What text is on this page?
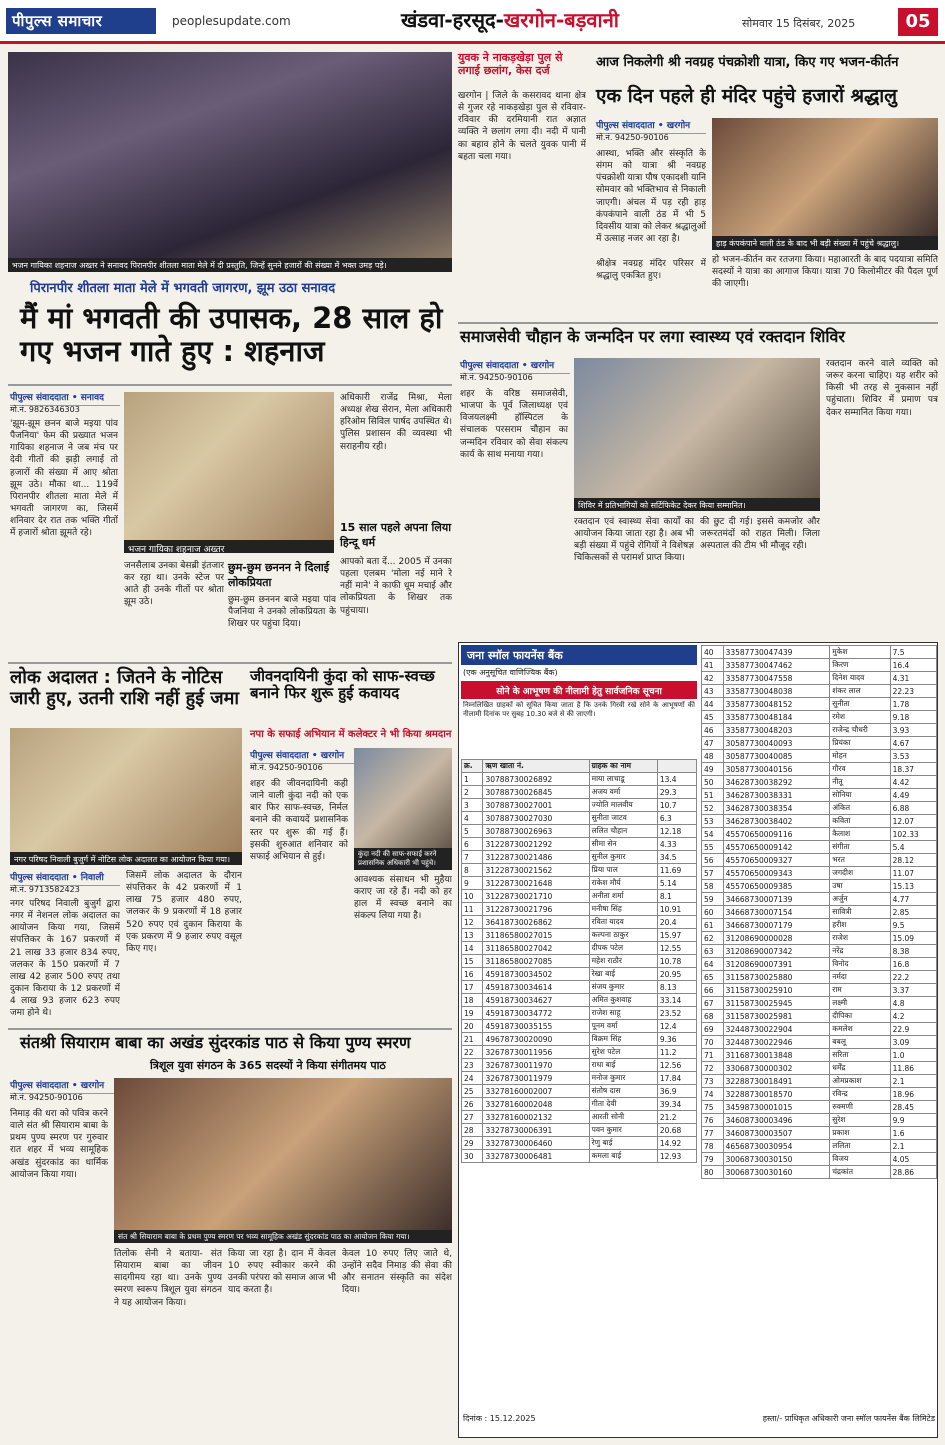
पीपुल्स समाचार	peoplesupdate.com	खंडवा-हरसूद-खरगोन-बड़वानी	सोमवार 15 दिसंबर, 2025	05
भजन गायिका शहनाज अख्तर ने सनावद पिरानपीर शीतला माता मेले में दी प्रस्तुति, जिन्हें सुनने हजारों की संख्या में भक्त उमड़ पड़े।
पिरानपीर शीतला माता मेले में भगवती जागरण, झूम उठा सनावद
मैं मां भगवती की उपासक, 28 साल हो गए भजन गाते हुए : शहनाज
पीपुल्स संवाददाता • सनावद
मो.नं. 9826346303
'झूम-झूम छनन बाजे मइया पांव पैजनिया' फेम की प्रख्यात भजन गायिका शहनाज ने जब मंच पर देवी गीतों की झड़ी लगाई तो हजारों की संख्या में आए श्रोता झूम उठे। मौका था... 119वें पिरानपीर शीतला माता मेले में भगवती जागरण का, जिसमें शनिवार देर रात तक भक्ति गीतों में हजारों श्रोता झूमते रहे।
भजन गायिका शहनाज अख्तर
छुम-छुम छननन ने दिलाई लोकप्रियता
जनसैलाब उनका बेसब्री इंतजार कर रहा था। उनके स्टेज पर आते ही उनके गीतों पर श्रोता झूम उठे।	छुम-छुम छननन बाजे मइया पांव पैजनिया ने उनको लोकप्रियता के शिखर पर पहुंचा दिया।
अधिकारी राजेंद्र मिश्रा, मेला अध्यक्ष शेख सेरान, मेला अधिकारी हरिओम सिविल पार्षद उपस्थित थे। पुलिस प्रशासन की व्यवस्था भी सराहनीय रही।
15 साल पहले अपना लिया हिन्दू धर्म
आपको बता दें... 2005 में उनका पहला एलबम 'मोला नई माने रे नहीं माने' ने काफी धूम मचाई और लोकप्रियता के शिखर तक पहुंचाया।
युवक ने नाकड़खेड़ा पुल से लगाई छलांग, केस दर्ज
खरगोन | जिले के कसरावद थाना क्षेत्र से गुजर रहे नाकड़खेड़ा पुल से रविवार-रविवार की दरमियानी रात अज्ञात व्यक्ति ने छलांग लगा दी। नदी में पानी का बहाव होने के चलते युवक पानी में बहता चला गया।
आज निकलेगी श्री नवग्रह पंचक्रोशी यात्रा, किए गए भजन-कीर्तन
एक दिन पहले ही मंदिर पहुंचे हजारों श्रद्धालु
पीपुल्स संवाददाता • खरगोन
मो.नं. 94250-90106
आस्था, भक्ति और संस्कृति के संगम को यात्रा श्री नवग्रह पंचक्रोशी यात्रा पौष एकादशी यानि सोमवार को भक्तिभाव से निकाली जाएगी। अंचल में पड़ रही हाड़ कंपकंपाने वाली ठंड में भी 5 दिवसीय यात्रा को लेकर श्रद्धालुओं में उत्साह नजर आ रहा है।	हाड़ कंपकंपाने वाली ठंड के बाद भी बड़ी संख्या में पहुंचे श्रद्धालु।
हो भजन-कीर्तन कर रतजगा किया। महाआरती के बाद पदयात्रा समिति सदस्यों ने यात्रा का आगाज किया। यात्रा 70 किलोमीटर की पैदल पूर्ण की जाएगी।
श्रीक्षेत्र नवग्रह मंदिर परिसर में श्रद्धालु एकत्रित हुए।
समाजसेवी चौहान के जन्मदिन पर लगा स्वास्थ्य एवं रक्तदान शिविर
पीपुल्स संवाददाता • खरगोन
मो.नं. 94250-90106
शहर के वरिष्ठ समाजसेवी, भाजपा के पूर्व जिलाध्यक्ष एवं विजयलक्ष्मी हॉस्पिटल के संचालक परसराम चौहान का जन्मदिन रविवार को सेवा संकल्प कार्य के साथ मनाया गया।
शिविर में प्रतिभागियों को सर्टिफिकेट देकर किया सम्मानित।
रक्तदान एवं स्वास्थ्य सेवा कार्यों का आयोजन किया जाता रहा है। अब भी बड़ी संख्या में पहुंचे रोगियों ने विशेषज्ञ चिकित्सकों से परामर्श प्राप्त किया।
की छुट दी गई। इससे कमजोर और जरूरतमंदों को राहत मिली। जिला अस्पताल की टीम भी मौजूद रही।
रक्तदान करने वाले व्यक्ति को जरूर करना चाहिए। यह शरीर को किसी भी तरह से नुकसान नहीं पहुंचाता। शिविर में प्रमाण पत्र देकर सम्मानित किया गया।
लोक अदालत : जितने के नोटिस जारी हुए, उतनी राशि नहीं हुई जमा
नगर परिषद निवाली बुजुर्ग में नोटिस लोक अदालत का आयोजन किया गया।
पीपुल्स संवाददाता • निवाली
मो.नं. 9713582423
नगर परिषद निवाली बुजुर्ग द्वारा नगर में नेशनल लोक अदालत का आयोजन किया गया, जिसमें संपत्तिकर के 167 प्रकरणों में 21 लाख 33 हजार 834 रुपए, जलकर के 150 प्रकरणों में 7 लाख 42 हजार 500 रुपए तथा दुकान किराया के 12 प्रकरणों में 4 लाख 93 हजार 623 रुपए जमा होने थे।
जिसमें लोक अदालत के दौरान संपत्तिकर के 42 प्रकरणों में 1 लाख 75 हजार 480 रुपए, जलकर के 9 प्रकरणों में 18 हजार 520 रुपए एवं दुकान किराया के एक प्रकरण में 9 हजार रुपए वसूल किए गए।
जीवनदायिनी कुंदा को साफ-स्वच्छ बनाने फिर शुरू हुई कवायद
नपा के सफाई अभियान में कलेक्टर ने भी किया श्रमदान
पीपुल्स संवाददाता • खरगोन
मो.नं. 94250-90106
शहर की जीवनदायिनी कही जाने वाली कुंदा नदी को एक बार फिर साफ-स्वच्छ, निर्मल बनाने की कवायदें प्रशासनिक स्तर पर शुरू की गई हैं। इसकी शुरुआत शनिवार को सफाई अभियान से हुई।	कुंदा नदी की साफ-सफाई करने प्रशासनिक अधिकारी भी पहुंचे।
आवश्यक संसाधन भी मुहैया कराए जा रहे हैं। नदी को हर हाल में स्वच्छ बनाने का संकल्प लिया गया है।
संतश्री सियाराम बाबा का अखंड सुंदरकांड पाठ से किया पुण्य स्मरण
त्रिशूल युवा संगठन के 365 सदस्यों ने किया संगीतमय पाठ
पीपुल्स संवाददाता • खरगोन
मो.नं. 94250-90106
निमाड़ की धरा को पवित्र करने वाले संत श्री सियाराम बाबा के प्रथम पुण्य स्मरण पर गुरुवार रात शहर में भव्य सामूहिक अखंड सुंदरकांड का धार्मिक आयोजन किया गया।
संत श्री सियाराम बाबा के प्रथम पुण्य स्मरण पर भव्य सामूहिक अखंड सुंदरकांड पाठ का आयोजन किया गया।
तिलोक सेनी ने बताया- संत सियाराम बाबा का जीवन सादगीमय रहा था। उनके पुण्य स्मरण स्वरूप त्रिशूल युवा संगठन ने यह आयोजन किया।
किया जा रहा है। दान में केवल 10 रुपए स्वीकार करने की उनकी परंपरा को समाज आज भी याद करता है।
केवल 10 रुपए लिए जाते थे, उन्होंने सदैव निमाड़ की सेवा की और सनातन संस्कृति का संदेश दिया।
जना स्मॉल फायनेंस बैंक
(एक अनुसूचित वाणिज्यिक बैंक)
सोने के आभूषण की नीलामी हेतु सार्वजनिक सूचना
निम्नलिखित ग्राहकों को सूचित किया जाता है कि उनके गिरवी रखे सोने के आभूषणों की नीलामी दिनांक पर सुबह 10.30 बजे से की जाएगी।
क्र.	ऋण खाता नं.	ग्राहक का नाम	
1	30788730026892	माया लाचाडू	13.4
2	30788730026845	अजय वर्मा	29.3
3	30788730027001	ज्योति मालवीय	10.7
4	30788730027030	सुनीता जाटव	6.3
5	30788730026963	ललित चौहान	12.18
6	31228730021292	सीमा सेन	4.33
7	31228730021486	सुनील कुमार	34.5
8	31228730021562	प्रिया पाल	11.69
9	31228730021648	राकेश मौर्य	5.14
10	31228730021710	अनीता शर्मा	8.1
11	31228730021796	मनीषा सिंह	10.91
12	36418730026862	रविता यादव	20.4
13	31186580027015	कल्पना ठाकुर	15.97
14	31186580027042	दीपक पटेल	12.55
15	31186580027085	महेश राठौर	10.78
16	45918730034502	रेखा बाई	20.95
17	45918730034614	संजय कुमार	8.13
18	45918730034627	अमित कुशवाह	33.14
19	45918730034772	राजेश साहू	23.52
20	45918730035155	पूनम वर्मा	12.4
21	49678730020090	विक्रम सिंह	9.36
22	32678730011956	सुरेश पटेल	11.2
23	32678730011970	राधा बाई	12.56
24	32678730011979	मनोज कुमार	17.84
25	33278160002007	संतोष दास	36.9
26	33278160002048	गीता देवी	39.34
27	33278160002132	आरती सोनी	21.2
28	33278730006391	पवन कुमार	20.68
29	33278730006460	रेणु बाई	14.92
30	33278730006481	कमला बाई	12.93
40	33587730047439	मुकेश	7.5
41	33587730047462	किरण	16.4
42	33587730047558	दिनेश यादव	4.31
43	33587730048038	शंकर लाल	22.23
44	33587730048152	सुनीता	1.78
45	33587730048184	रमेश	9.18
46	33587730048203	राजेन्द्र चौधरी	3.93
47	30587730040093	प्रियंका	4.67
48	30587730040085	मोहन	3.53
49	30587730040156	गौरव	18.37
50	34628730038292	नीतू	4.42
51	34628730038331	सोनिया	4.49
52	34628730038354	अंकित	6.88
53	34628730038402	कविता	12.07
54	45570650009116	कैलाश	102.33
55	45570650009142	संगीता	5.4
56	45570650009327	भरत	28.12
57	45570650009343	जगदीश	11.07
58	45570650009385	उषा	15.13
59	34668730007139	अर्जुन	4.77
60	34668730007154	सावित्री	2.85
61	34668730007179	हरीश	9.5
62	31208690000028	राजेश	15.09
63	31208690007342	नरेंद्र	8.38
64	31208690007391	विनोद	16.8
65	31158730025880	नर्मदा	22.2
66	31158730025910	राम	3.37
67	31158730025945	लक्ष्मी	4.8
68	31158730025981	दीपिका	4.2
69	32448730022904	कमलेश	22.9
70	32448730022946	बबलू	3.09
71	31168730013848	सरिता	1.0
72	33068730000302	धर्मेंद्र	11.86
73	32288730018491	ओमप्रकाश	2.1
74	32288730018570	रविन्द्र	18.96
75	34598730001015	रुक्मणी	28.45
76	34608730003496	सुरेश	9.9
77	34608730003507	प्रकाश	1.6
78	46568730030954	ललिता	2.1
79	30068730030150	विजय	4.05
80	30068730030160	चंद्रकांत	28.86
दिनांक : 15.12.2025	हस्ता/- प्राधिकृत अधिकारी जना स्मॉल फायनेंस बैंक लिमिटेड
